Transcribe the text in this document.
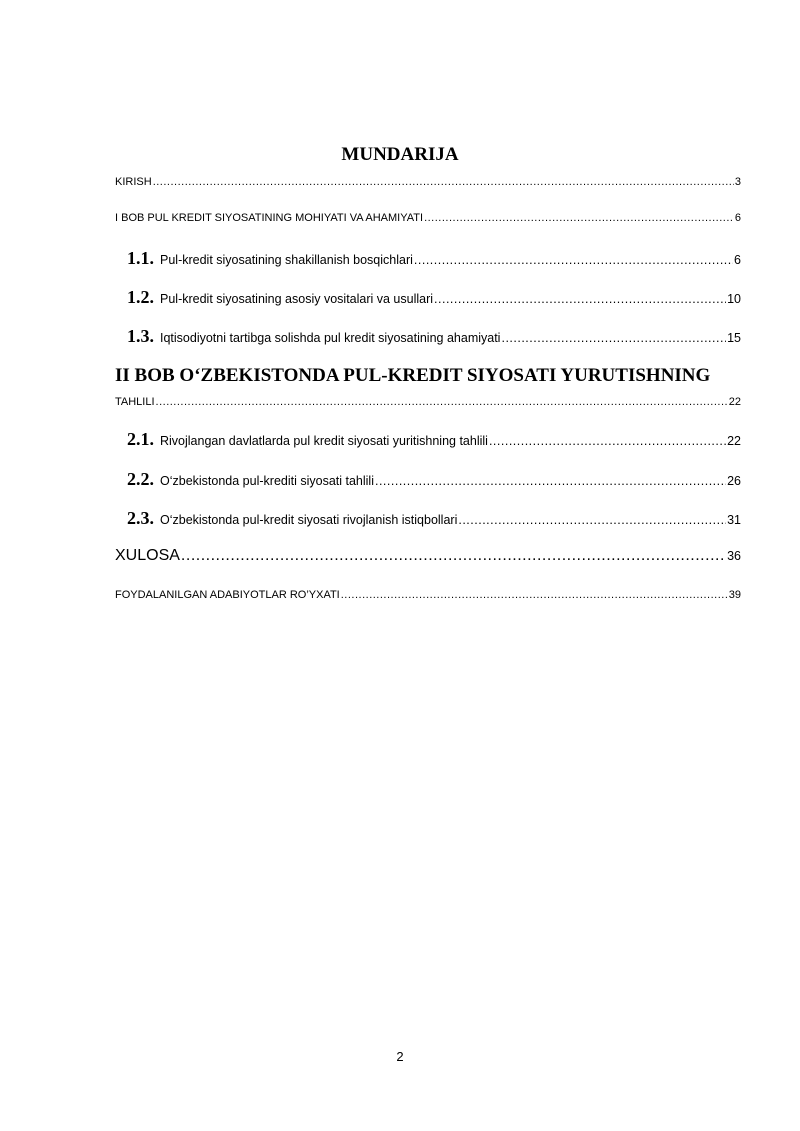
MUNDARIJA
KIRISH .....	3
I BOB PUL KREDIT SIYOSATINING MOHIYATI VA AHAMIYATI .....	6
1.1. Pul-kredit siyosatining shakillanish bosqichlari .....	6
1.2. Pul-kredit siyosatining asosiy vositalari va usullari .....	10
1.3. Iqtisodiyotni tartibga solishda pul kredit siyosatining ahamiyati .....	15
II BOB O‘ZBEKISTONDA PUL-KREDIT SIYOSATI YURUTISHNING
TAHLILI .....	22
2.1. Rivojlangan davlatlarda pul kredit siyosati yuritishning tahlili .....	22
2.2. O‘zbekistonda pul-krediti siyosati tahlili .....	26
2.3. O‘zbekistonda pul-kredit siyosati rivojlanish istiqbollari .....	31
XULOSA .....	36
FOYDALANILGAN ADABIYOTLAR RO’YXATI .....	39
2
